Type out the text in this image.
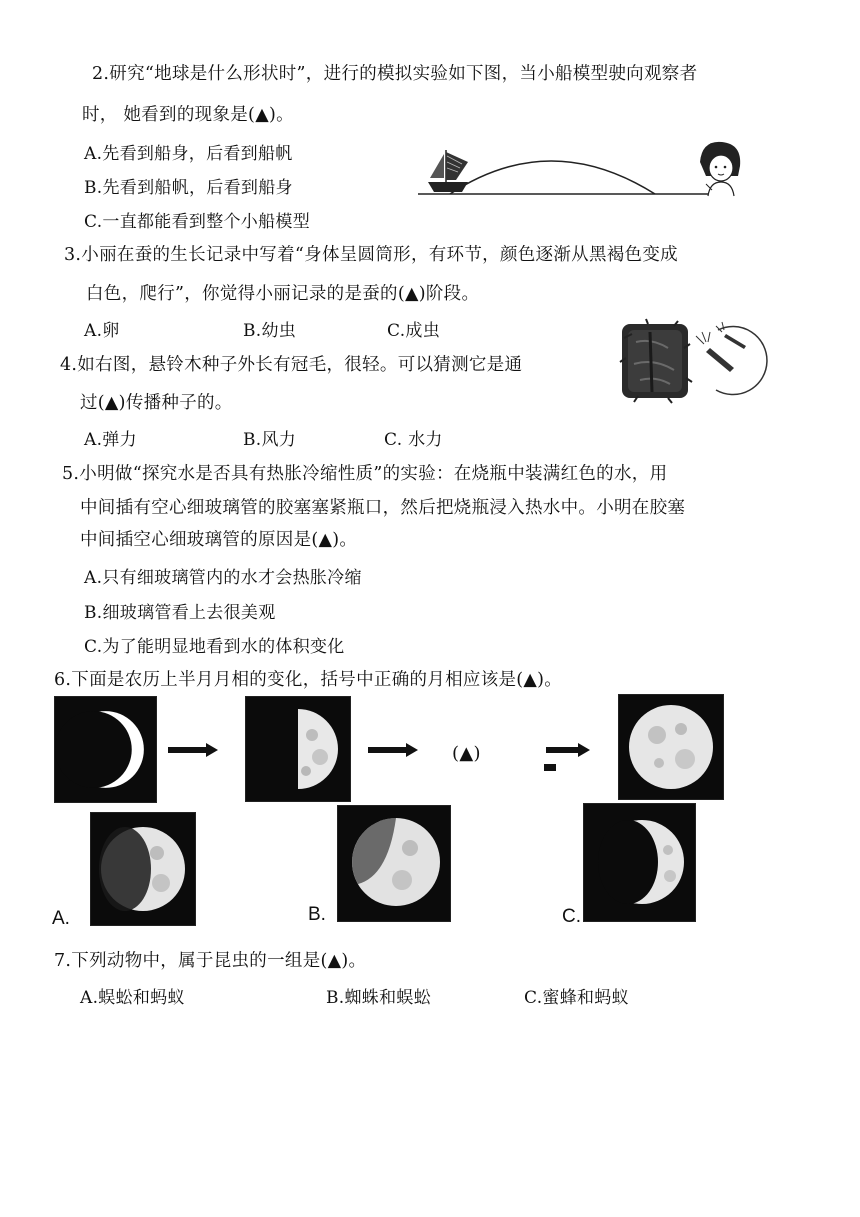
2.研究“地球是什么形状时”，进行的模拟实验如下图，当小船模型驶向观察者
时， 她看到的现象是(▲)。
A.先看到船身，后看到船帆
B.先看到船帆，后看到船身
C.一直都能看到整个小船模型
3.小丽在蚕的生长记录中写着“身体呈圆筒形，有环节，颜色逐渐从黑褐色变成
白色，爬行”，你觉得小丽记录的是蚕的(▲)阶段。
A.卵	B.幼虫	C.成虫
4.如右图，悬铃木种子外长有冠毛，很轻。可以猜测它是通
过(▲)传播种子的。
A.弹力	B.风力	C. 水力
5.小明做“探究水是否具有热胀冷缩性质”的实验：在烧瓶中装满红色的水，用
中间插有空心细玻璃管的胶塞塞紧瓶口，然后把烧瓶浸入热水中。小明在胶塞
中间插空心细玻璃管的原因是(▲)。
A.只有细玻璃管内的水才会热胀冷缩
B.细玻璃管看上去很美观
C.为了能明显地看到水的体积变化
6.下面是农历上半月月相的变化，括号中正确的月相应该是(▲)。
(▲)
A.	B.	C.
7.下列动物中，属于昆虫的一组是(▲)。
A.蜈蚣和蚂蚁	B.蜘蛛和蜈蚣	C.蜜蜂和蚂蚁
